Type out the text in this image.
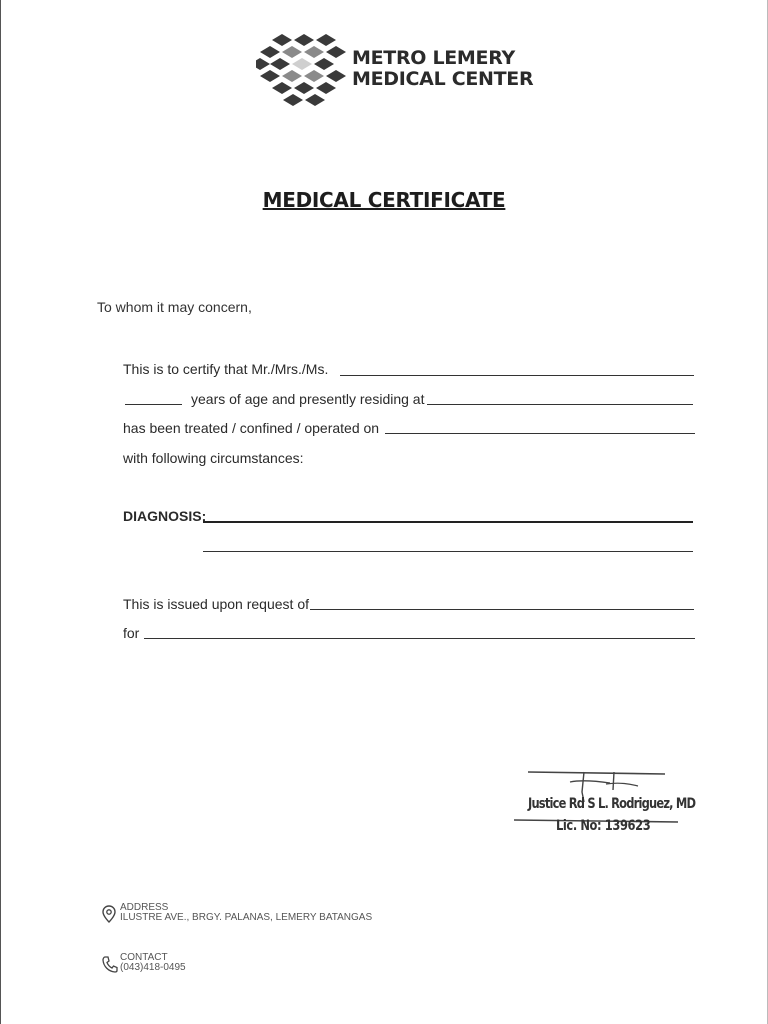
METRO LEMERY
MEDICAL CENTER
MEDICAL CERTIFICATE
To whom it may concern,
This is to certify that Mr./Mrs./Ms.
years of age and presently residing at
has been treated / confined / operated on
with following circumstances:
DIAGNOSIS:
This is issued upon request of
for
Justice Rd S L. Rodriguez, MD
Lic. No: 139623
ADDRESS
ILUSTRE AVE., BRGY. PALANAS, LEMERY BATANGAS
CONTACT
(043)418-0495
